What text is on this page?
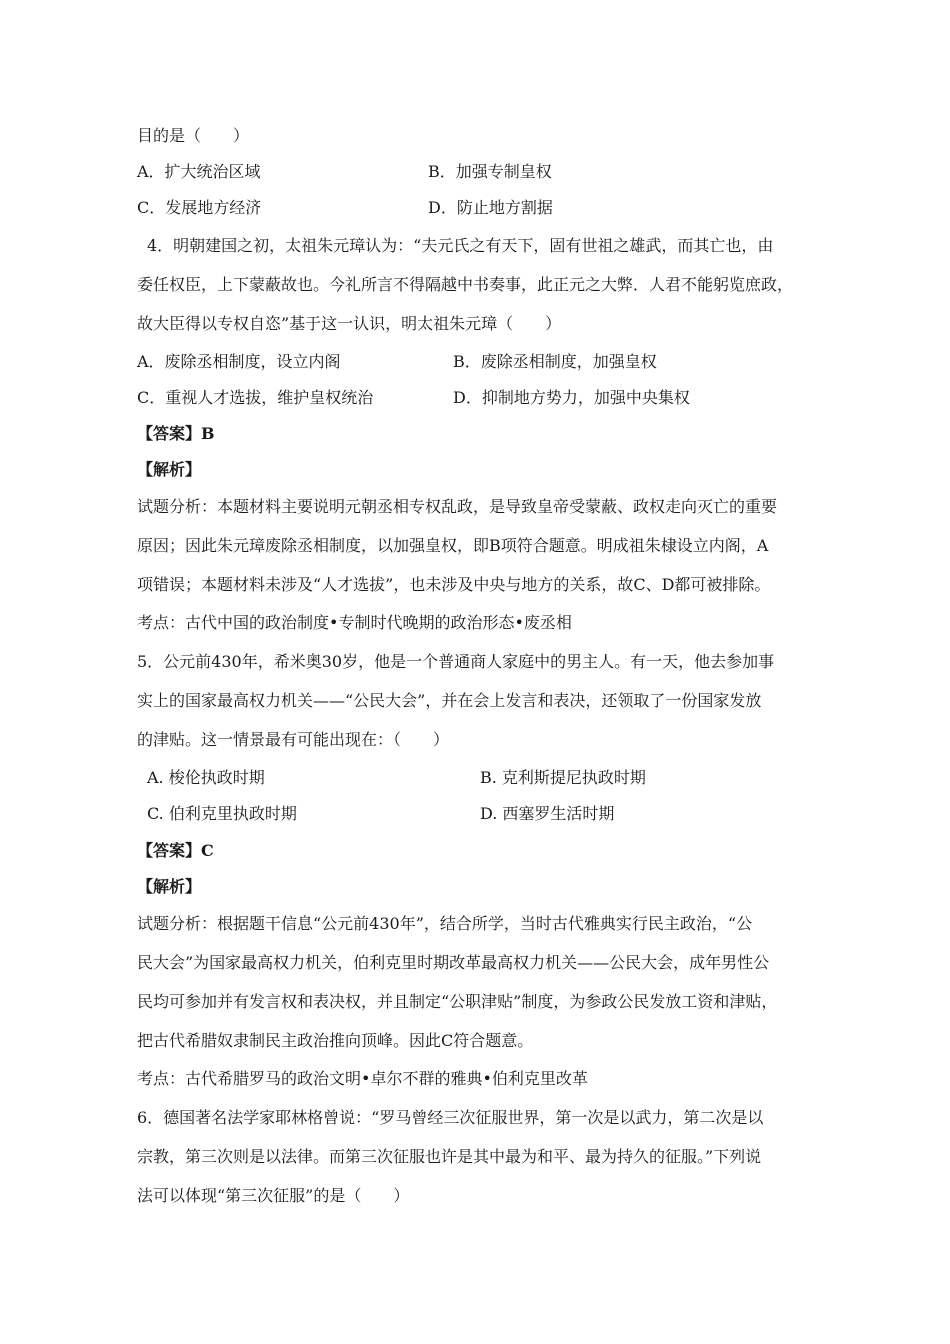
目的是（　　）
A．扩大统治区域	B．加强专制皇权
C．发展地方经济	D．防止地方割据
4．明朝建国之初，太祖朱元璋认为：“夫元氏之有天下，固有世祖之雄武，而其亡也，由
委任权臣，上下蒙蔽故也。今礼所言不得隔越中书奏事，此正元之大弊．人君不能躬览庶政，
故大臣得以专权自恣”基于这一认识，明太祖朱元璋（　　）
A．废除丞相制度，设立内阁	B．废除丞相制度，加强皇权
C．重视人才选拔，维护皇权统治	D．抑制地方势力，加强中央集权
【答案】B
【解析】
试题分析：本题材料主要说明元朝丞相专权乱政，是导致皇帝受蒙蔽、政权走向灭亡的重要
原因；因此朱元璋废除丞相制度，以加强皇权，即B项符合题意。明成祖朱棣设立内阁，A
项错误；本题材料未涉及“人才选拔”，也未涉及中央与地方的关系，故C、D都可被排除。
考点：古代中国的政治制度•专制时代晚期的政治形态•废丞相
5．公元前430年，希米奥30岁，他是一个普通商人家庭中的男主人。有一天，他去参加事
实上的国家最高权力机关——“公民大会”，并在会上发言和表决，还领取了一份国家发放
的津贴。这一情景最有可能出现在：（　　）
A. 梭伦执政时期	B. 克利斯提尼执政时期
C. 伯利克里执政时期	D. 西塞罗生活时期
【答案】C
【解析】
试题分析：根据题干信息“公元前430年”，结合所学，当时古代雅典实行民主政治，“公
民大会”为国家最高权力机关，伯利克里时期改革最高权力机关——公民大会，成年男性公
民均可参加并有发言权和表决权，并且制定“公职津贴”制度，为参政公民发放工资和津贴，
把古代希腊奴隶制民主政治推向顶峰。因此C符合题意。
考点：古代希腊罗马的政治文明•卓尔不群的雅典•伯利克里改革
6．德国著名法学家耶林格曾说：“罗马曾经三次征服世界，第一次是以武力，第二次是以
宗教，第三次则是以法律。而第三次征服也许是其中最为和平、最为持久的征服。”下列说
法可以体现“第三次征服”的是（　　）
